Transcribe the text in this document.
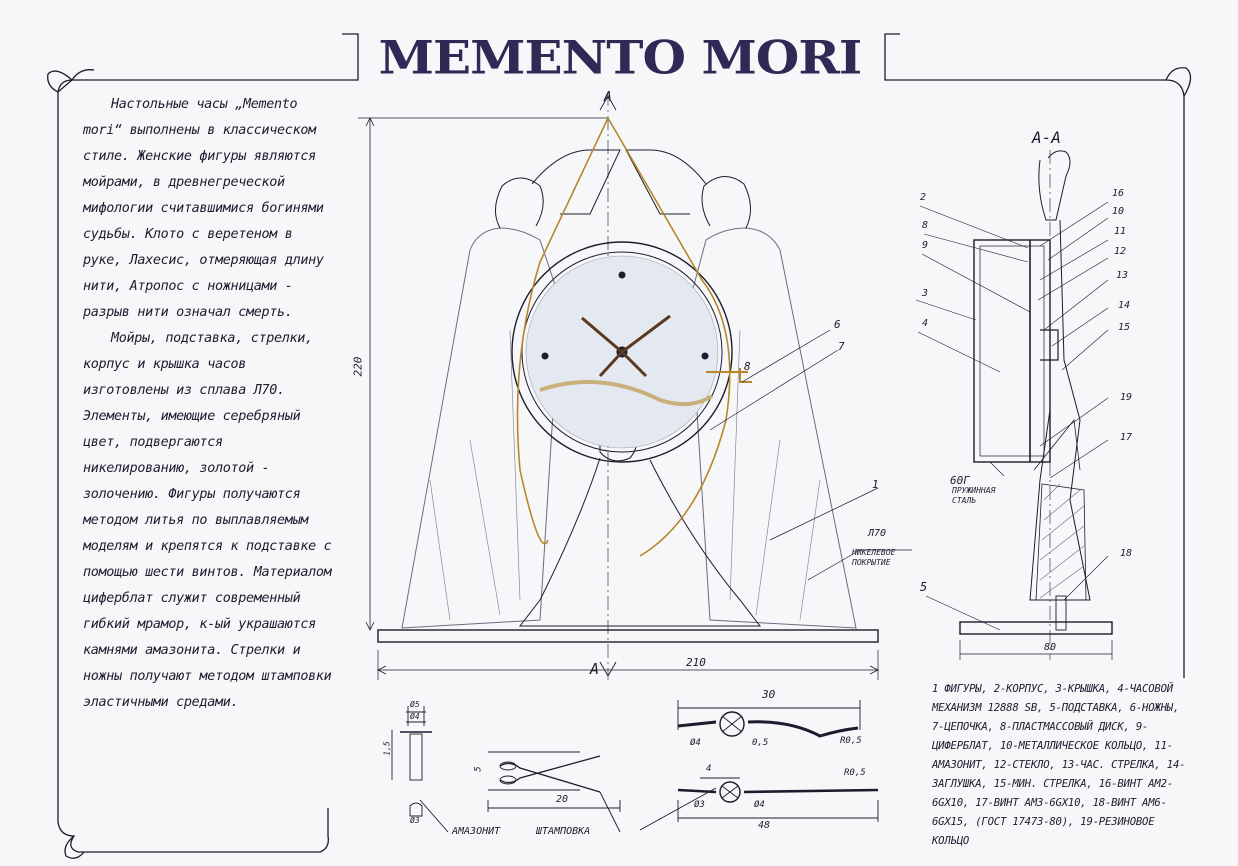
MEMENTO MORI

Настольные часы „Memento mori“ выполнены в классическом стиле. Женские фигуры являются мойрами, в древнегреческой мифологии считавшимися богинями судьбы. Клото с веретеном в руке, Лахесис, отмеряющая длину нити, Атропос с ножницами - разрыв нити означал смерть.

Мойры, подставка, стрелки, корпус и крышка часов изготовлены из сплава Л70. Элементы, имеющие серебряный цвет, подвергаются никелированию, золотой - золочению. Фигуры получаются методом литья по выплавляемым моделям и крепятся к подставке с помощью шести винтов. Материалом циферблат служит современный гибкий мрамор, к-ый украшаются камнями амазонита. Стрелки и ножны получают методом штамповки эластичными средами.

1 ФИГУРЫ, 2-КОРПУС, 3-КРЫШКА, 4-ЧАСОВОЙ МЕХАНИЗМ 12888 SB, 5-ПОДСТАВКА, 6-НОЖНЫ, 7-ЦЕПОЧКА, 8-ПЛАСТМАССОВЫЙ ДИСК, 9-ЦИФЕРБЛАТ, 10-МЕТАЛЛИЧЕСКОЕ КОЛЬЦО, 11-АМАЗОНИТ, 12-СТЕКЛО, 13-ЧАС. СТРЕЛКА, 14-ЗАГЛУШКА, 15-МИН. СТРЕЛКА, 16-ВИНТ АМ2-6GХ10, 17-ВИНТ АМ3-6GХ10, 18-ВИНТ АМ6-6GХ15, (ГОСТ 17473-80), 19-РЕЗИНОВОЕ КОЛЬЦО
А
А
220
210
6
7
8
1
Л70
НИКЕЛЕВОЕ ПОКРЫТИЕ
А-А
2
8
9
3
4
16
10
11
12
13
14
15
19
17
18
5
80
60Г
ПРУЖИННАЯ СТАЛЬ
Ø5
Ø4
1,5
Ø3
АМАЗОНИТ
5
20
ШТАМПОВКА
30
Ø4	0,5	R0,5
4	R0,5
Ø3	Ø4
48
